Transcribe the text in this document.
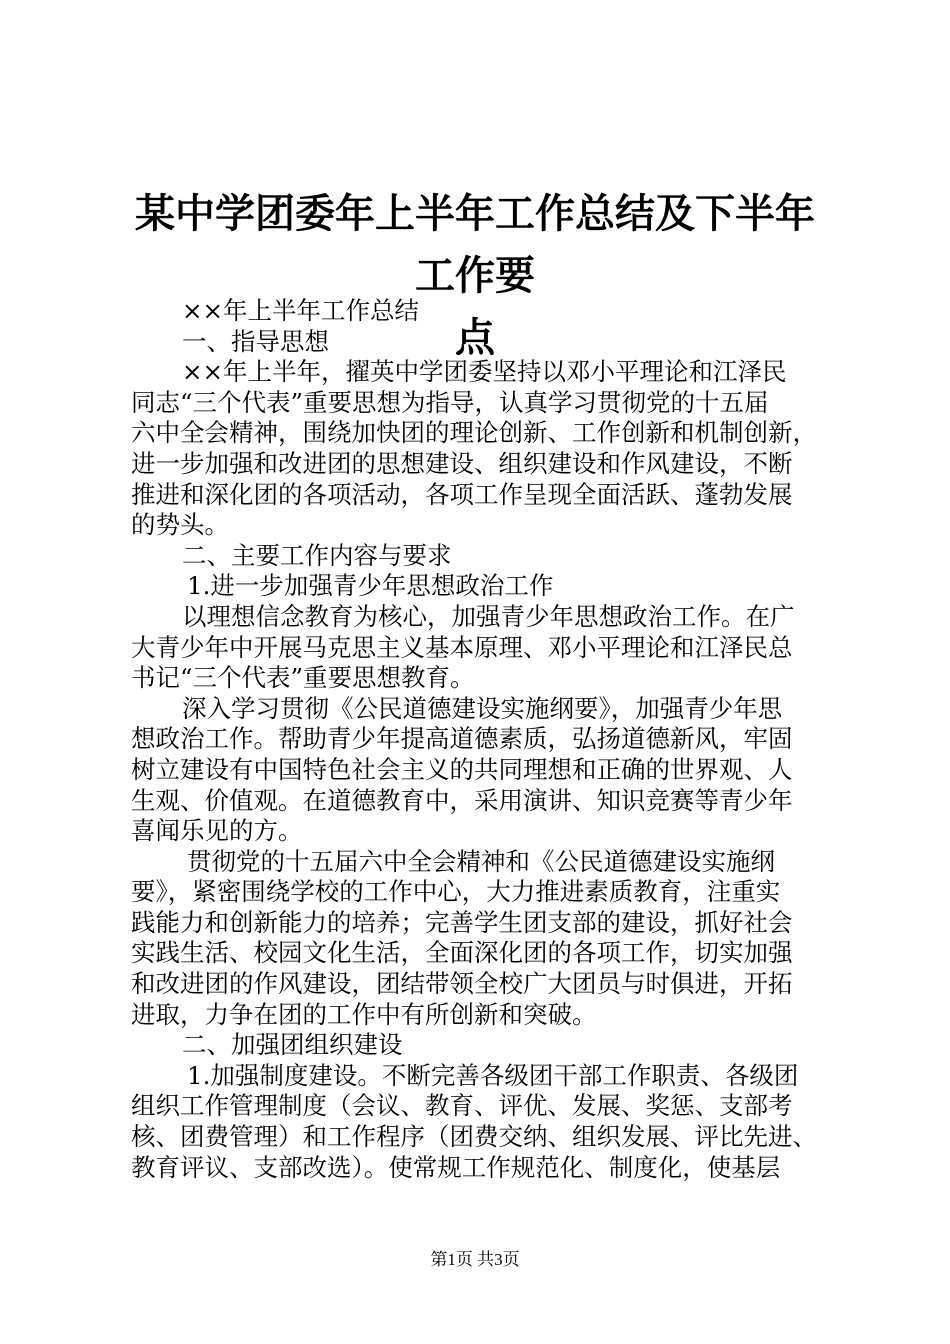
某中学团委年上半年工作总结及下半年工作要
点

××年上半年工作总结

一、指导思想

××年上半年，擢英中学团委坚持以邓小平理论和江泽民

同志“三个代表”重要思想为指导，认真学习贯彻党的十五届

六中全会精神，围绕加快团的理论创新、工作创新和机制创新，

进一步加强和改进团的思想建设、组织建设和作风建设，不断

推进和深化团的各项活动，各项工作呈现全面活跃、蓬勃发展

的势头。

二、主要工作内容与要求

1.进一步加强青少年思想政治工作

以理想信念教育为核心，加强青少年思想政治工作。在广

大青少年中开展马克思主义基本原理、邓小平理论和江泽民总

书记“三个代表”重要思想教育。

深入学习贯彻《公民道德建设实施纲要》，加强青少年思

想政治工作。帮助青少年提高道德素质，弘扬道德新风，牢固

树立建设有中国特色社会主义的共同理想和正确的世界观、人

生观、价值观。在道德教育中，采用演讲、知识竞赛等青少年

喜闻乐见的方。

贯彻党的十五届六中全会精神和《公民道德建设实施纲

要》，紧密围绕学校的工作中心，大力推进素质教育，注重实

践能力和创新能力的培养；完善学生团支部的建设，抓好社会

实践生活、校园文化生活，全面深化团的各项工作，切实加强

和改进团的作风建设，团结带领全校广大团员与时俱进，开拓

进取，力争在团的工作中有所创新和突破。

二、加强团组织建设

1.加强制度建设。不断完善各级团干部工作职责、各级团

组织工作管理制度（会议、教育、评优、发展、奖惩、支部考

核、团费管理）和工作程序（团费交纳、组织发展、评比先进、

教育评议、支部改选）。使常规工作规范化、制度化，使基层

第1页 共3页
